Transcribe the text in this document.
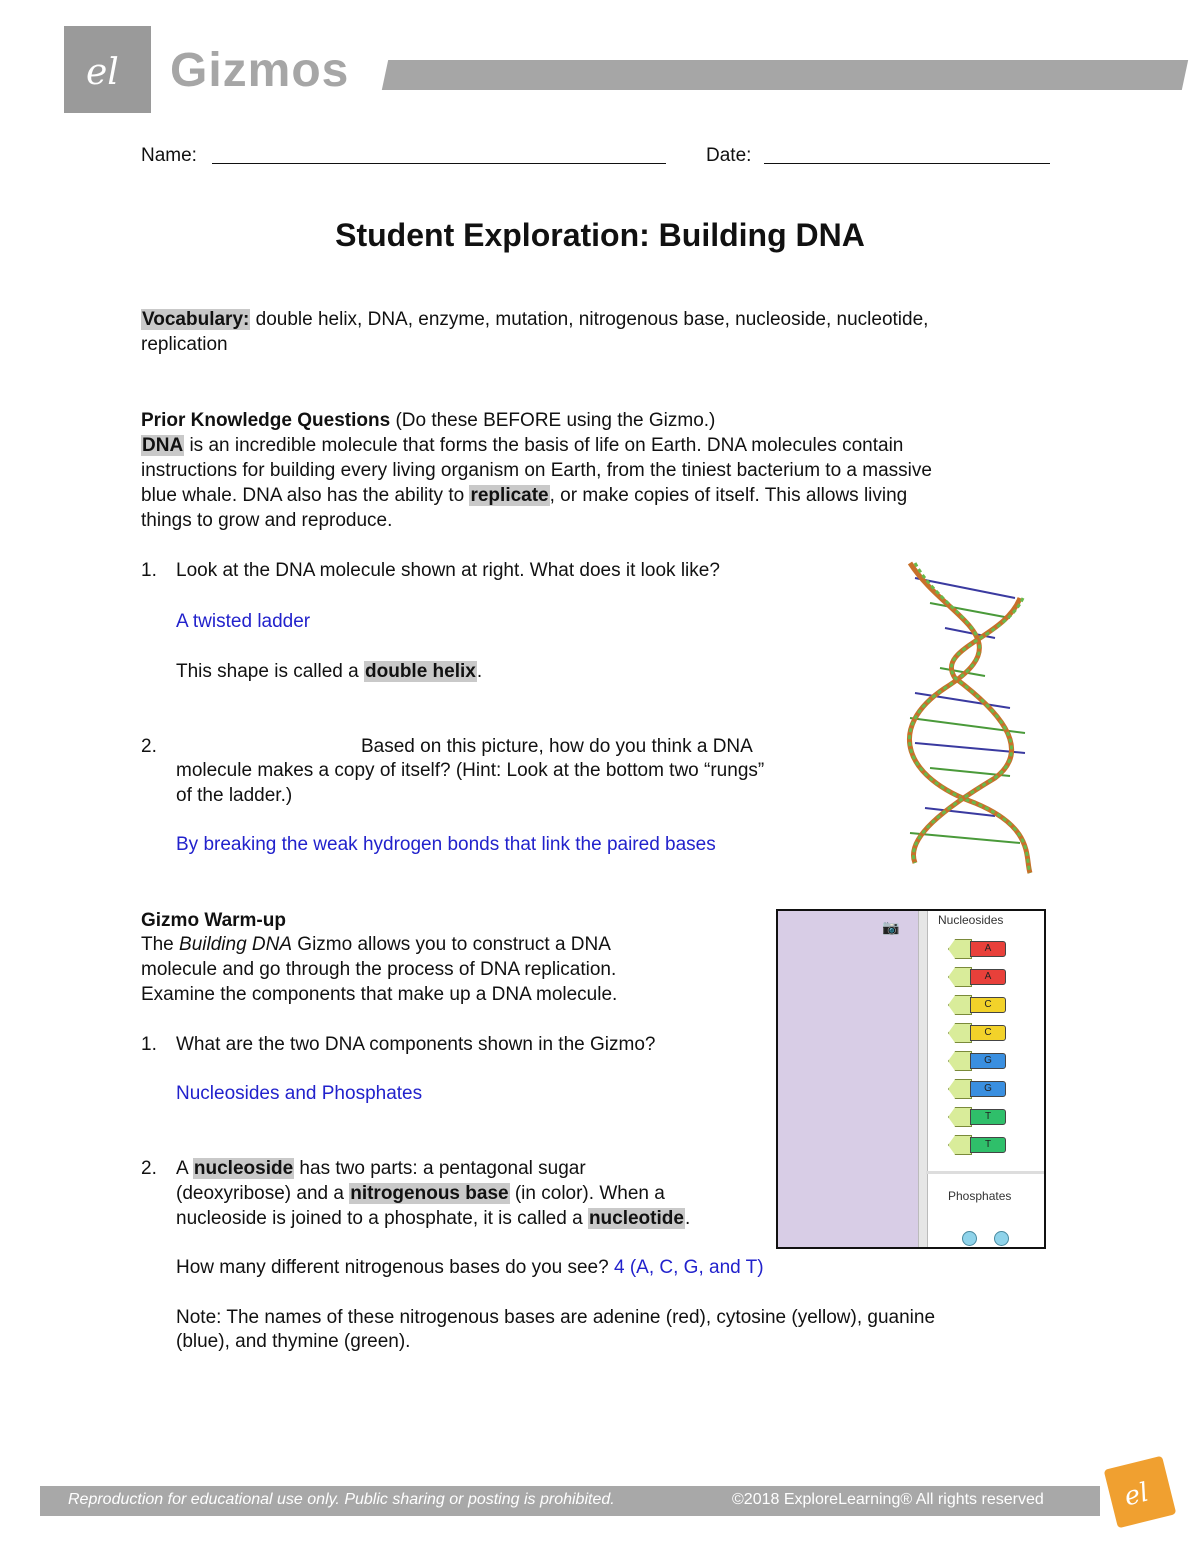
el Gizmos
Name:	Date:
Student Exploration: Building DNA
Vocabulary: double helix, DNA, enzyme, mutation, nitrogenous base, nucleoside, nucleotide,
replication
Prior Knowledge Questions (Do these BEFORE using the Gizmo.)
DNA is an incredible molecule that forms the basis of life on Earth. DNA molecules contain
instructions for building every living organism on Earth, from the tiniest bacterium to a massive
blue whale. DNA also has the ability to replicate, or make copies of itself. This allows living
things to grow and reproduce.
1. Look at the DNA molecule shown at right. What does it look like?
A twisted ladder
This shape is called a double helix.
2.	Based on this picture, how do you think a DNA
molecule makes a copy of itself? (Hint: Look at the bottom two “rungs”
of the ladder.)
By breaking the weak hydrogen bonds that link the paired bases
Gizmo Warm-up
The Building DNA Gizmo allows you to construct a DNA
molecule and go through the process of DNA replication.
Examine the components that make up a DNA molecule.
1. What are the two DNA components shown in the Gizmo?
Nucleosides and Phosphates
2. A nucleoside has two parts: a pentagonal sugar
(deoxyribose) and a nitrogenous base (in color). When a
nucleoside is joined to a phosphate, it is called a nucleotide.
How many different nitrogenous bases do you see? 4 (A, C, G, and T)
Note: The names of these nitrogenous bases are adenine (red), cytosine (yellow), guanine
(blue), and thymine (green).
📷	Nucleosides
A
A
C
C
G
G
T
T
Phosphates
Reproduction for educational use only. Public sharing or posting is prohibited.	©2018 ExploreLearning® All rights reserved	el
